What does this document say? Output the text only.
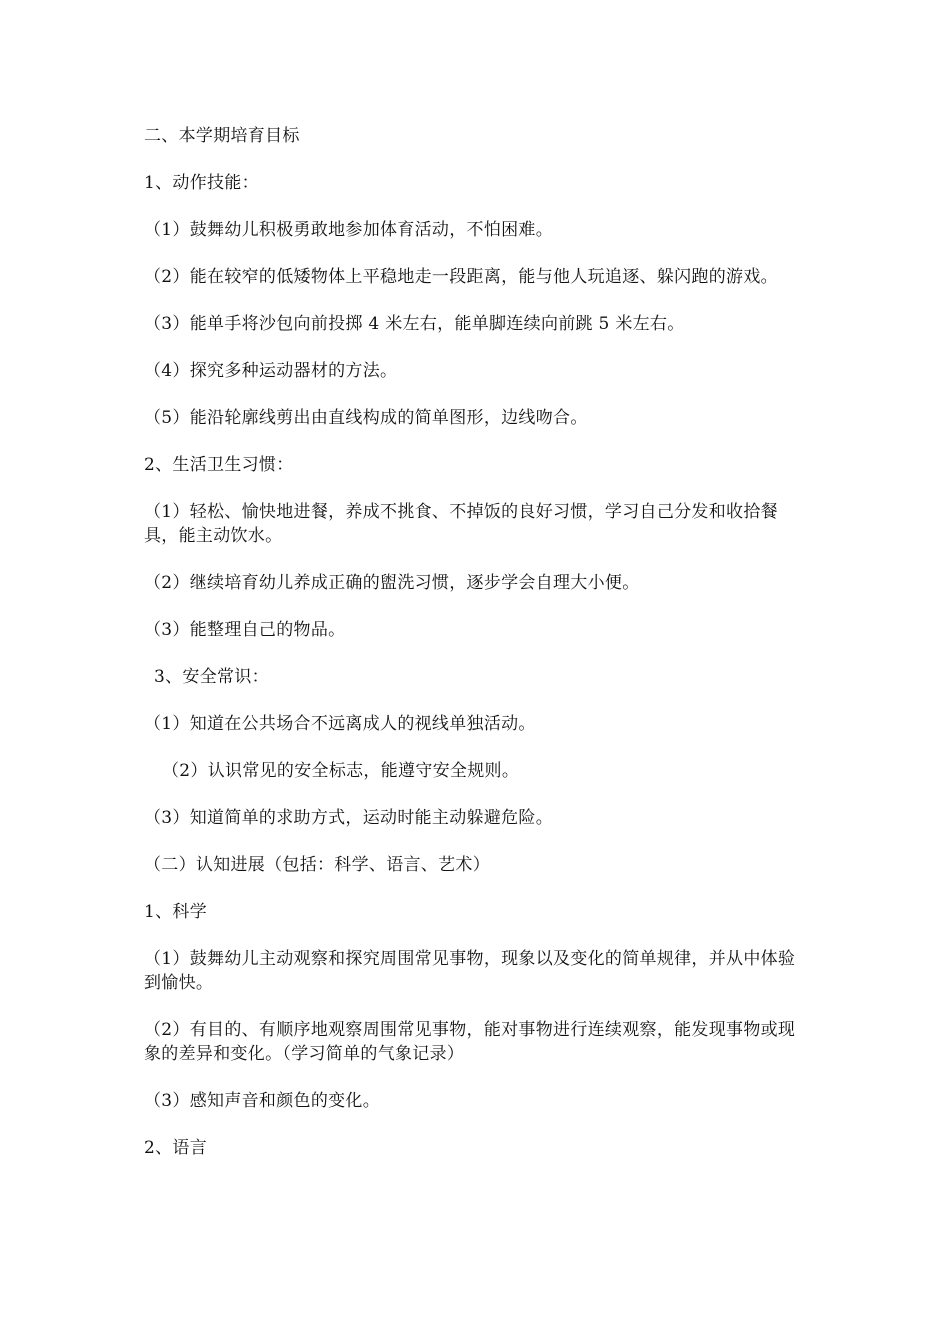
二、本学期培育目标

1、动作技能：

（1）鼓舞幼儿积极勇敢地参加体育活动，不怕困难。

（2）能在较窄的低矮物体上平稳地走一段距离，能与他人玩追逐、躲闪跑的游戏。

（3）能单手将沙包向前投掷 4 米左右，能单脚连续向前跳 5 米左右。

（4）探究多种运动器材的方法。

（5）能沿轮廓线剪出由直线构成的简单图形，边线吻合。

2、生活卫生习惯：

（1）轻松、愉快地进餐，养成不挑食、不掉饭的良好习惯，学习自己分发和收拾餐具，能主动饮水。

（2）继续培育幼儿养成正确的盥洗习惯，逐步学会自理大小便。

（3）能整理自己的物品。

3、安全常识：

（1）知道在公共场合不远离成人的视线单独活动。

（2）认识常见的安全标志，能遵守安全规则。

（3）知道简单的求助方式，运动时能主动躲避危险。

（二）认知进展（包括：科学、语言、艺术）

1、科学

（1）鼓舞幼儿主动观察和探究周围常见事物，现象以及变化的简单规律，并从中体验到愉快。

（2）有目的、有顺序地观察周围常见事物，能对事物进行连续观察，能发现事物或现象的差异和变化。（学习简单的气象记录）

（3）感知声音和颜色的变化。

2、语言
